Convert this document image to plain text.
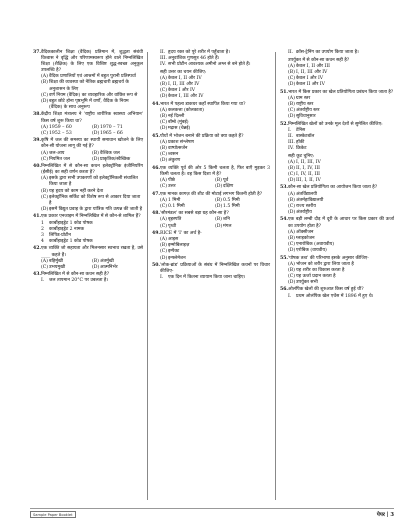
37. वैदिककालीन शिक्षा (वैदिक) प्रतिमान में, शुद्धता संबंधी विश्वास ने वृद्धि और परिणामस्वरूप होने वाले निम्नलिखित शिक्षा (शैक्षिक) के लिए एक विशिष्ट शुद्ध-स्वच्छ अनुकूल उपलब्धि है?
(A) वैदिक प्रणालियों एवं आश्रमों में बहुत पुरानी प्रतिस्पर्धा
(B) शिक्षा की व्यवस्था को नैतिक ब्रह्मचारी ब्रह्मचर्य के अनुशासन के लिए
(C) वर्ण नियम (वैदिक) का व्यवहारिक और वांछित रूप से
(D) बहुत छोटे होना पृष्ठभूमि में वर्णों, वैदिक के नियम (वैदिक) के साथ अनुरूप
38. केंद्रीय शिक्षा मंत्रालय ने 'राष्ट्रीय शारीरिक स्वास्थ्य अभियान' किस वर्ष शुरू किया था?
(A) 1959 – 60	(B) 1970 – 71
(C) 1952 – 53	(D) 1965 – 66
39. कृषि में जल की समस्या का स्थायी समाधान खोजने के लिए कौन-सी योजना लागू की गई है?
(A) जल-आय	(B) वैश्विक जल
(C) नियमित जल	(D) प्राकृतिक/स्वैच्छिक
40. निम्नलिखित में से कौन-सा कथन इलेक्ट्रॉनिक इंजीनियरिंग (ईसीई) का सही वर्णन करता है?
(A) इसके द्वारा सभी उपकरणों को इलेक्ट्रॉनिकली संचालित किया जाता है
(B) यह हृदय को काम नहीं करने देता
(C) इलेक्ट्रॉनिक सर्किट को विशेष रूप से आकार दिया जाता है
(D) इसमें विद्युत प्रवाह के द्वारा यांत्रिक गति उत्पन्न की जाती है
41. एक प्रकार एनजाइम में निम्नलिखित में से कौन-से शामिल हैं?
1	कार्बोहाइड्रेट 1 कोड पोषक
2	कार्बोहाइड्रेट 2 नामक
3	लिपिड-प्रोटीन
4	कार्बोहाइड्रेट 1 कोड पोषक
42. एक व्यक्ति जो सहायता और मिलनसार स्वभाव रखता है, उसे ____ कहते हैं।
(A) बहिर्मुखी	(B) अंतर्मुखी
(C) उभयमुखी	(D) आत्मनिर्भर
43. निम्नलिखित में से कौन-सा कथन सही है?
I.	जल तापमान 20°C पर उबलता है।
II. हृदय रक्त को पूरे शरीर में पहुँचाता है।
III. अनुवांशिक गुणसूत्र 46 होते हैं।
IV. सभी प्रोटीन आवश्यक अमीनो अम्ल से बने होते हैं।
सही उत्तर का चयन कीजिए:
(A) केवल I, II और IV
(B) I, II, III और IV
(C) केवल I और IV
(D) केवल I, III और IV
44. भारत में पहला डाकघर कहाँ स्थापित किया गया था?
(A) कलकत्ता (कोलकाता)
(B) नई दिल्ली
(C) बॉम्बे (मुंबई)
(D) मद्रास (चेन्नई)
45. पौधों में भोजन बनाने की प्रक्रिया को क्या कहते हैं?
(A) प्रकाश संश्लेषण
(B) वाष्पोत्सर्जन
(C) श्वसन
(D) अंकुरण
46. एक व्यक्ति पूर्व की ओर 5 किमी चलता है, फिर बाएँ मुड़कर 3 किमी चलता है। वह किस दिशा में है?
(A) पीछे	(B) पूर्व
(C) उत्तर	(D) दक्षिण
47. एक मानक कागज़ की शीट की मोटाई लगभग कितनी होती है?
(A) 1 मिमी	(B) 0.5 मिमी
(C) 0.1 मिमी	(D) 1.5 मिमी
48. 'सौरमंडल' का सबसे बड़ा ग्रह कौन-सा है?
(A) बृहस्पति	(B) शनि
(C) पृथ्वी	(D) मंगल
49. RICE में 'I' का अर्थ है-
(A) आइस
(B) इम्मोबिलाइज़
(C) इम्पैक्ट
(D) इन्फ्लेमेशन
50. 'लोक-ब्रांड' प्रक्रियाओं के संबंध में निम्नलिखित कथनों पर विचार कीजिए-
I.	एक दिन में कितना व्यायाम किया जाना चाहिए।
II. क्रॉस-ट्रेनिंग का उपयोग किया जाता है।
उपर्युक्त में से कौन-सा कथन सही है?
(A) केवल I, II और III
(B) I, II, III और IV
(C) केवल I और IV
(D) केवल II और IV
51. भारत में किस प्रकार का खेल प्रतियोगिता प्रबंधन किया जाता है?
(A) ग्राम स्तर
(B) राष्ट्रीय स्तर
(C) अंतर्राष्ट्रीय स्तर
(D) सुविधानुसार
52. निम्नलिखित खेलों को उनके मूल देशों से सुमेलित कीजिए:
I.	टेनिस
II. बास्केटबॉल
III. हॉकी
IV. क्रिकेट
सही कूट चुनिए:
(A) I, II, III, IV
(B) II, I, IV, III
(C) I, IV, II, III
(D) III, I, II, IV
53. कौन-सा खेल प्रतियोगिता का आयोजन किया जाता है?
(A) अंतर्विद्यालयी
(B) अंतर्महाविद्यालयी
(C) राज्य स्तरीय
(D) अंतर्राष्ट्रीय
54. एक बड़ी लम्बी दौड़ में दूरी के आधार पर किस प्रकार की ऊर्जा का उपयोग होता है?
(A) ऑक्सीजन
(B) ग्लाइकोजन
(C) एनारोबिक (अवायवीय)
(D) एरोबिक (वायवीय)
55. 'पोषक तत्व' की परिभाषा इसके अनुसार कीजिए-
(A) भोजन को शरीर द्वारा लिया जाता है
(B) यह शरीर का विकास करता है
(C) यह ऊर्जा प्रदान करता है
(D) उपर्युक्त सभी
56. ओलंपिक खेलों की शुरुआत किस वर्ष हुई थी?
I.	प्रथम ओलंपिक खेल एथेंस में 1896 में हुए थे।
Sample Paper Booklet	पेपर | 3
